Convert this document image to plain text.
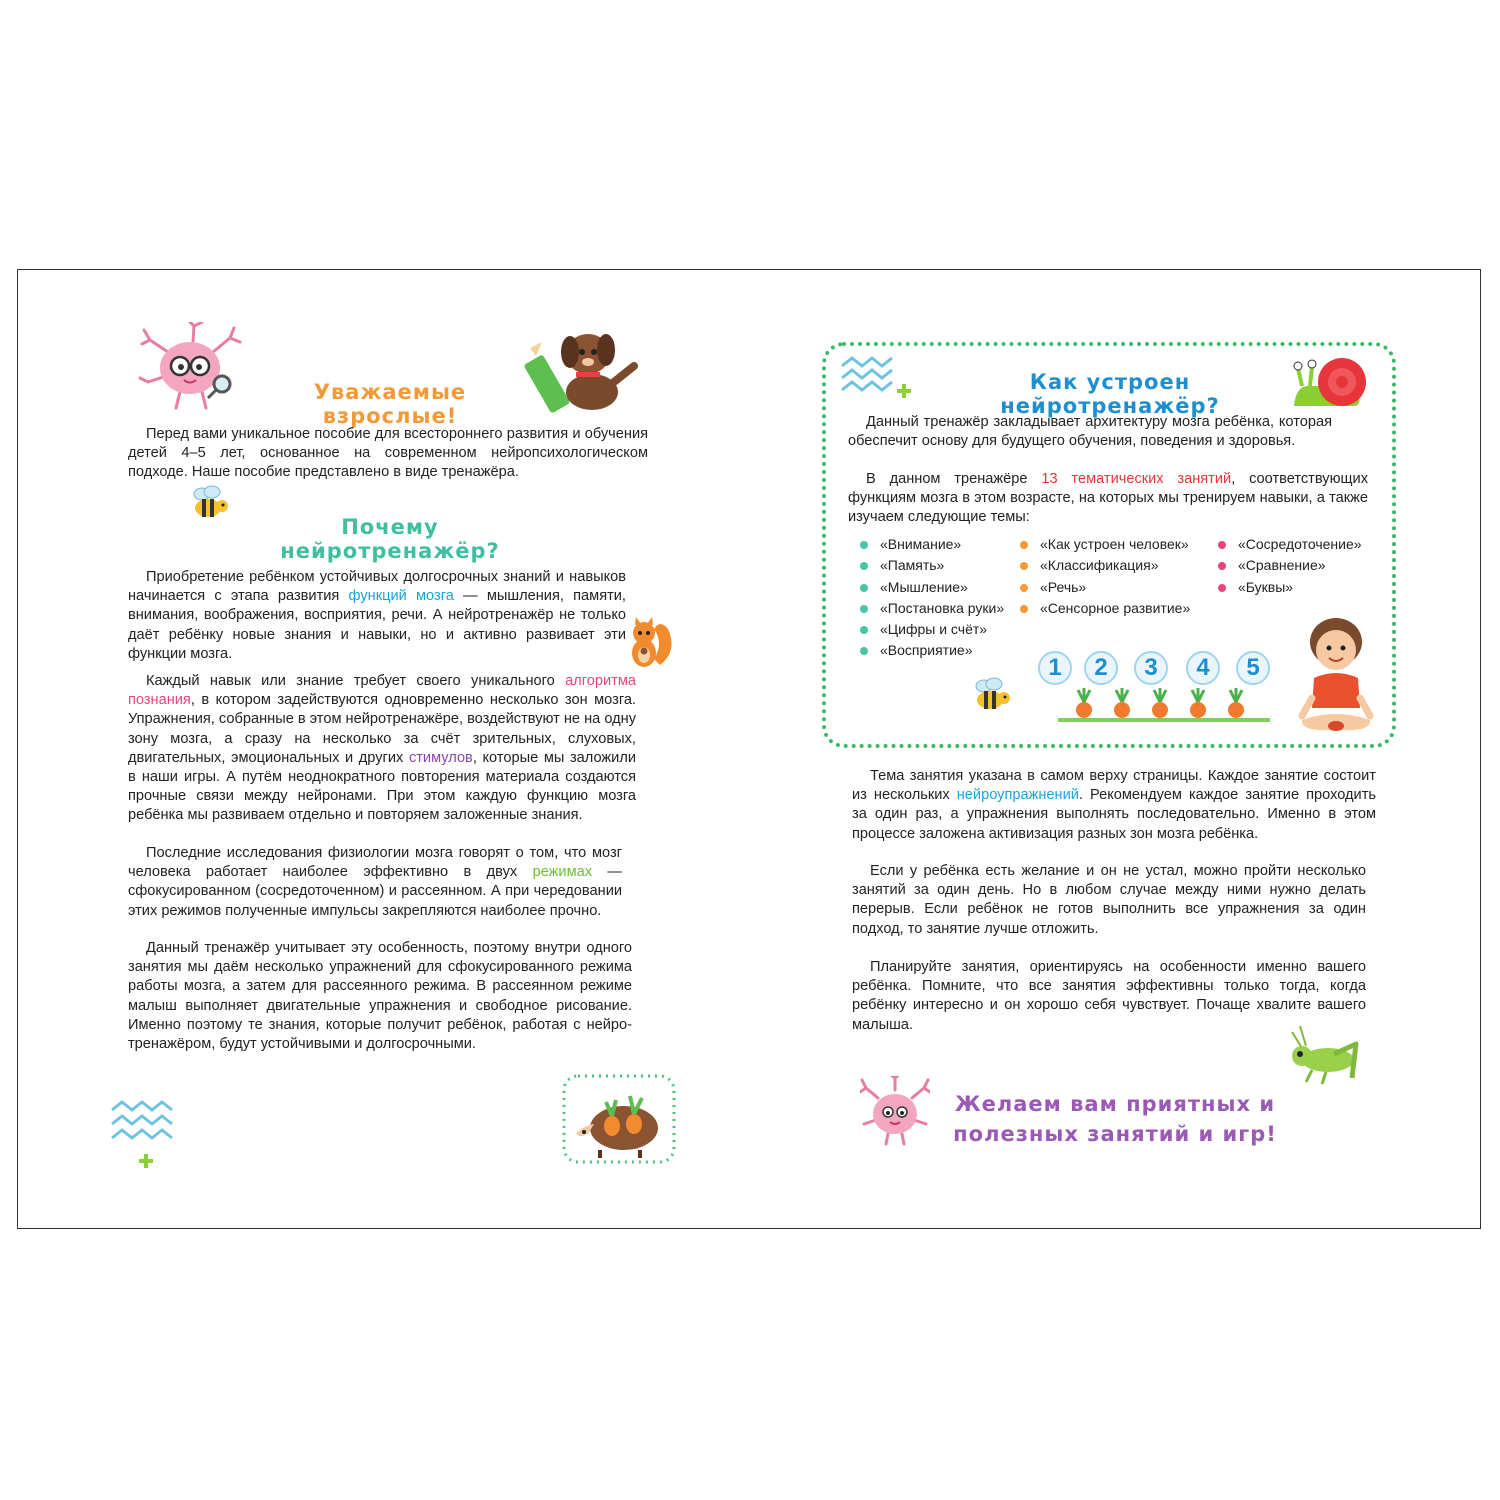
Уважаемые взрослые!

Перед вами уникальное пособие для всестороннего развития и обучения детей 4–5 лет, основанное на современном нейропсихологическом подходе. Наше пособие представлено в виде тренажёра.

Почему нейротренажёр?

Приобретение ребёнком устойчивых долгосрочных знаний и навыков начинается с этапа развития функций мозга — мышления, памяти, внимания, воображения, восприятия, речи. А нейротренажёр не только даёт ребёнку новые знания и навыки, но и активно развивает эти функции мозга.

Каждый навык или знание требует своего уникального алгоритма познания, в котором задействуются одновременно несколько зон мозга. Упражнения, собранные в этом нейротренажёре, воздействуют не на одну зону мозга, а сразу на несколько за счёт зрительных, слуховых, двигательных, эмоциональных и других стимулов, которые мы заложили в наши игры. А путём неоднократного повторения материала создаются прочные связи между нейронами. При этом каждую функцию мозга ребёнка мы развиваем отдельно и повторяем заложенные знания.

Последние исследования физиологии мозга говорят о том, что мозг человека работает наиболее эффективно в двух режимах — сфокусированном (сосредоточенном) и рассеянном. А при чередовании этих режимов полученные импульсы закрепляются наиболее прочно.

Данный тренажёр учитывает эту особенность, поэтому внутри одного занятия мы даём несколько упражнений для сфокусированного режима работы мозга, а затем для рассеянного режима. В рассеянном режиме малыш выполняет двигательные упражнения и свободное рисование. Именно поэтому те знания, которые получит ребёнок, работая с нейро-тренажёром, будут устойчивыми и долгосрочными.

Как устроен нейротренажёр?

Данный тренажёр закладывает архитектуру мозга ребёнка, которая обеспечит основу для будущего обучения, поведения и здоровья.

В данном тренажёре 13 тематических занятий, соответствующих функциям мозга в этом возрасте, на которых мы тренируем навыки, а также изучаем следующие темы:

«Внимание»
«Память»
«Мышление»
«Постановка руки»
«Цифры и счёт»
«Восприятие»
«Как устроен человек»
«Классификация»
«Речь»
«Сенсорное развитие»
«Сосредоточение»
«Сравнение»
«Буквы»
1	2	3	4	5

Тема занятия указана в самом верху страницы. Каждое занятие состоит из нескольких нейроупражнений. Рекомендуем каждое занятие проходить за один раз, а упражнения выполнять последовательно. Именно в этом процессе заложена активизация разных зон мозга ребёнка.

Если у ребёнка есть желание и он не устал, можно пройти несколько занятий за один день. Но в любом случае между ними нужно делать перерыв. Если ребёнок не готов выполнить все упражнения за один подход, то занятие лучше отложить.

Планируйте занятия, ориентируясь на особенности именно вашего ребёнка. Помните, что все занятия эффективны только тогда, когда ребёнку интересно и он хорошо себя чувствует. Почаще хвалите вашего малыша.

Желаем вам приятных и полезных занятий и игр!
